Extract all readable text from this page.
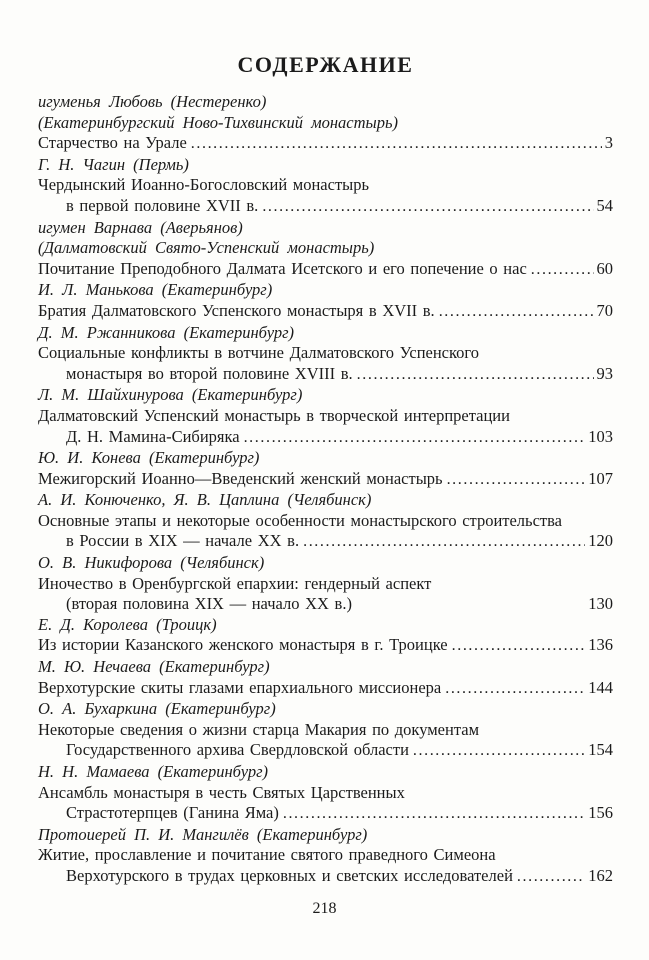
СОДЕРЖАНИЕ
игуменья Любовь (Нестеренко)
(Екатеринбургский Ново-Тихвинский монастырь)
Старчество на Урале .....	3
Г. Н. Чагин (Пермь)
Чердынский Иоанно-Богословский монастырь
в первой половине XVII в. .....	54
игумен Варнава (Аверьянов)
(Далматовский Свято-Успенский монастырь)
Почитание Преподобного Далмата Исетского и его попечение о нас .....	60
И. Л. Манькова (Екатеринбург)
Братия Далматовского Успенского монастыря в XVII в. .....	70
Д. М. Ржанникова (Екатеринбург)
Социальные конфликты в вотчине Далматовского Успенского
монастыря во второй половине XVIII в. .....	93
Л. М. Шайхинурова (Екатеринбург)
Далматовский Успенский монастырь в творческой интерпретации
Д. Н. Мамина-Сибиряка .....	103
Ю. И. Конева (Екатеринбург)
Межигорский Иоанно—Введенский женский монастырь .....	107
А. И. Конюченко, Я. В. Цаплина (Челябинск)
Основные этапы и некоторые особенности монастырского строительства
в России в XIX — начале XX в. .....	120
О. В. Никифорова (Челябинск)
Иночество в Оренбургской епархии: гендерный аспект
(вторая половина XIX — начало XX в.)	130
Е. Д. Королева (Троицк)
Из истории Казанского женского монастыря в г. Троицке .....	136
М. Ю. Нечаева (Екатеринбург)
Верхотурские скиты глазами епархиального миссионера .....	144
О. А. Бухаркина (Екатеринбург)
Некоторые сведения о жизни старца Макария по документам
Государственного архива Свердловской области .....	154
Н. Н. Мамаева (Екатеринбург)
Ансамбль монастыря в честь Святых Царственных
Страстотерпцев (Ганина Яма) .....	156
Протоиерей П. И. Мангилёв (Екатеринбург)
Житие, прославление и почитание святого праведного Симеона
Верхотурского в трудах церковных и светских исследователей .....	162
218
